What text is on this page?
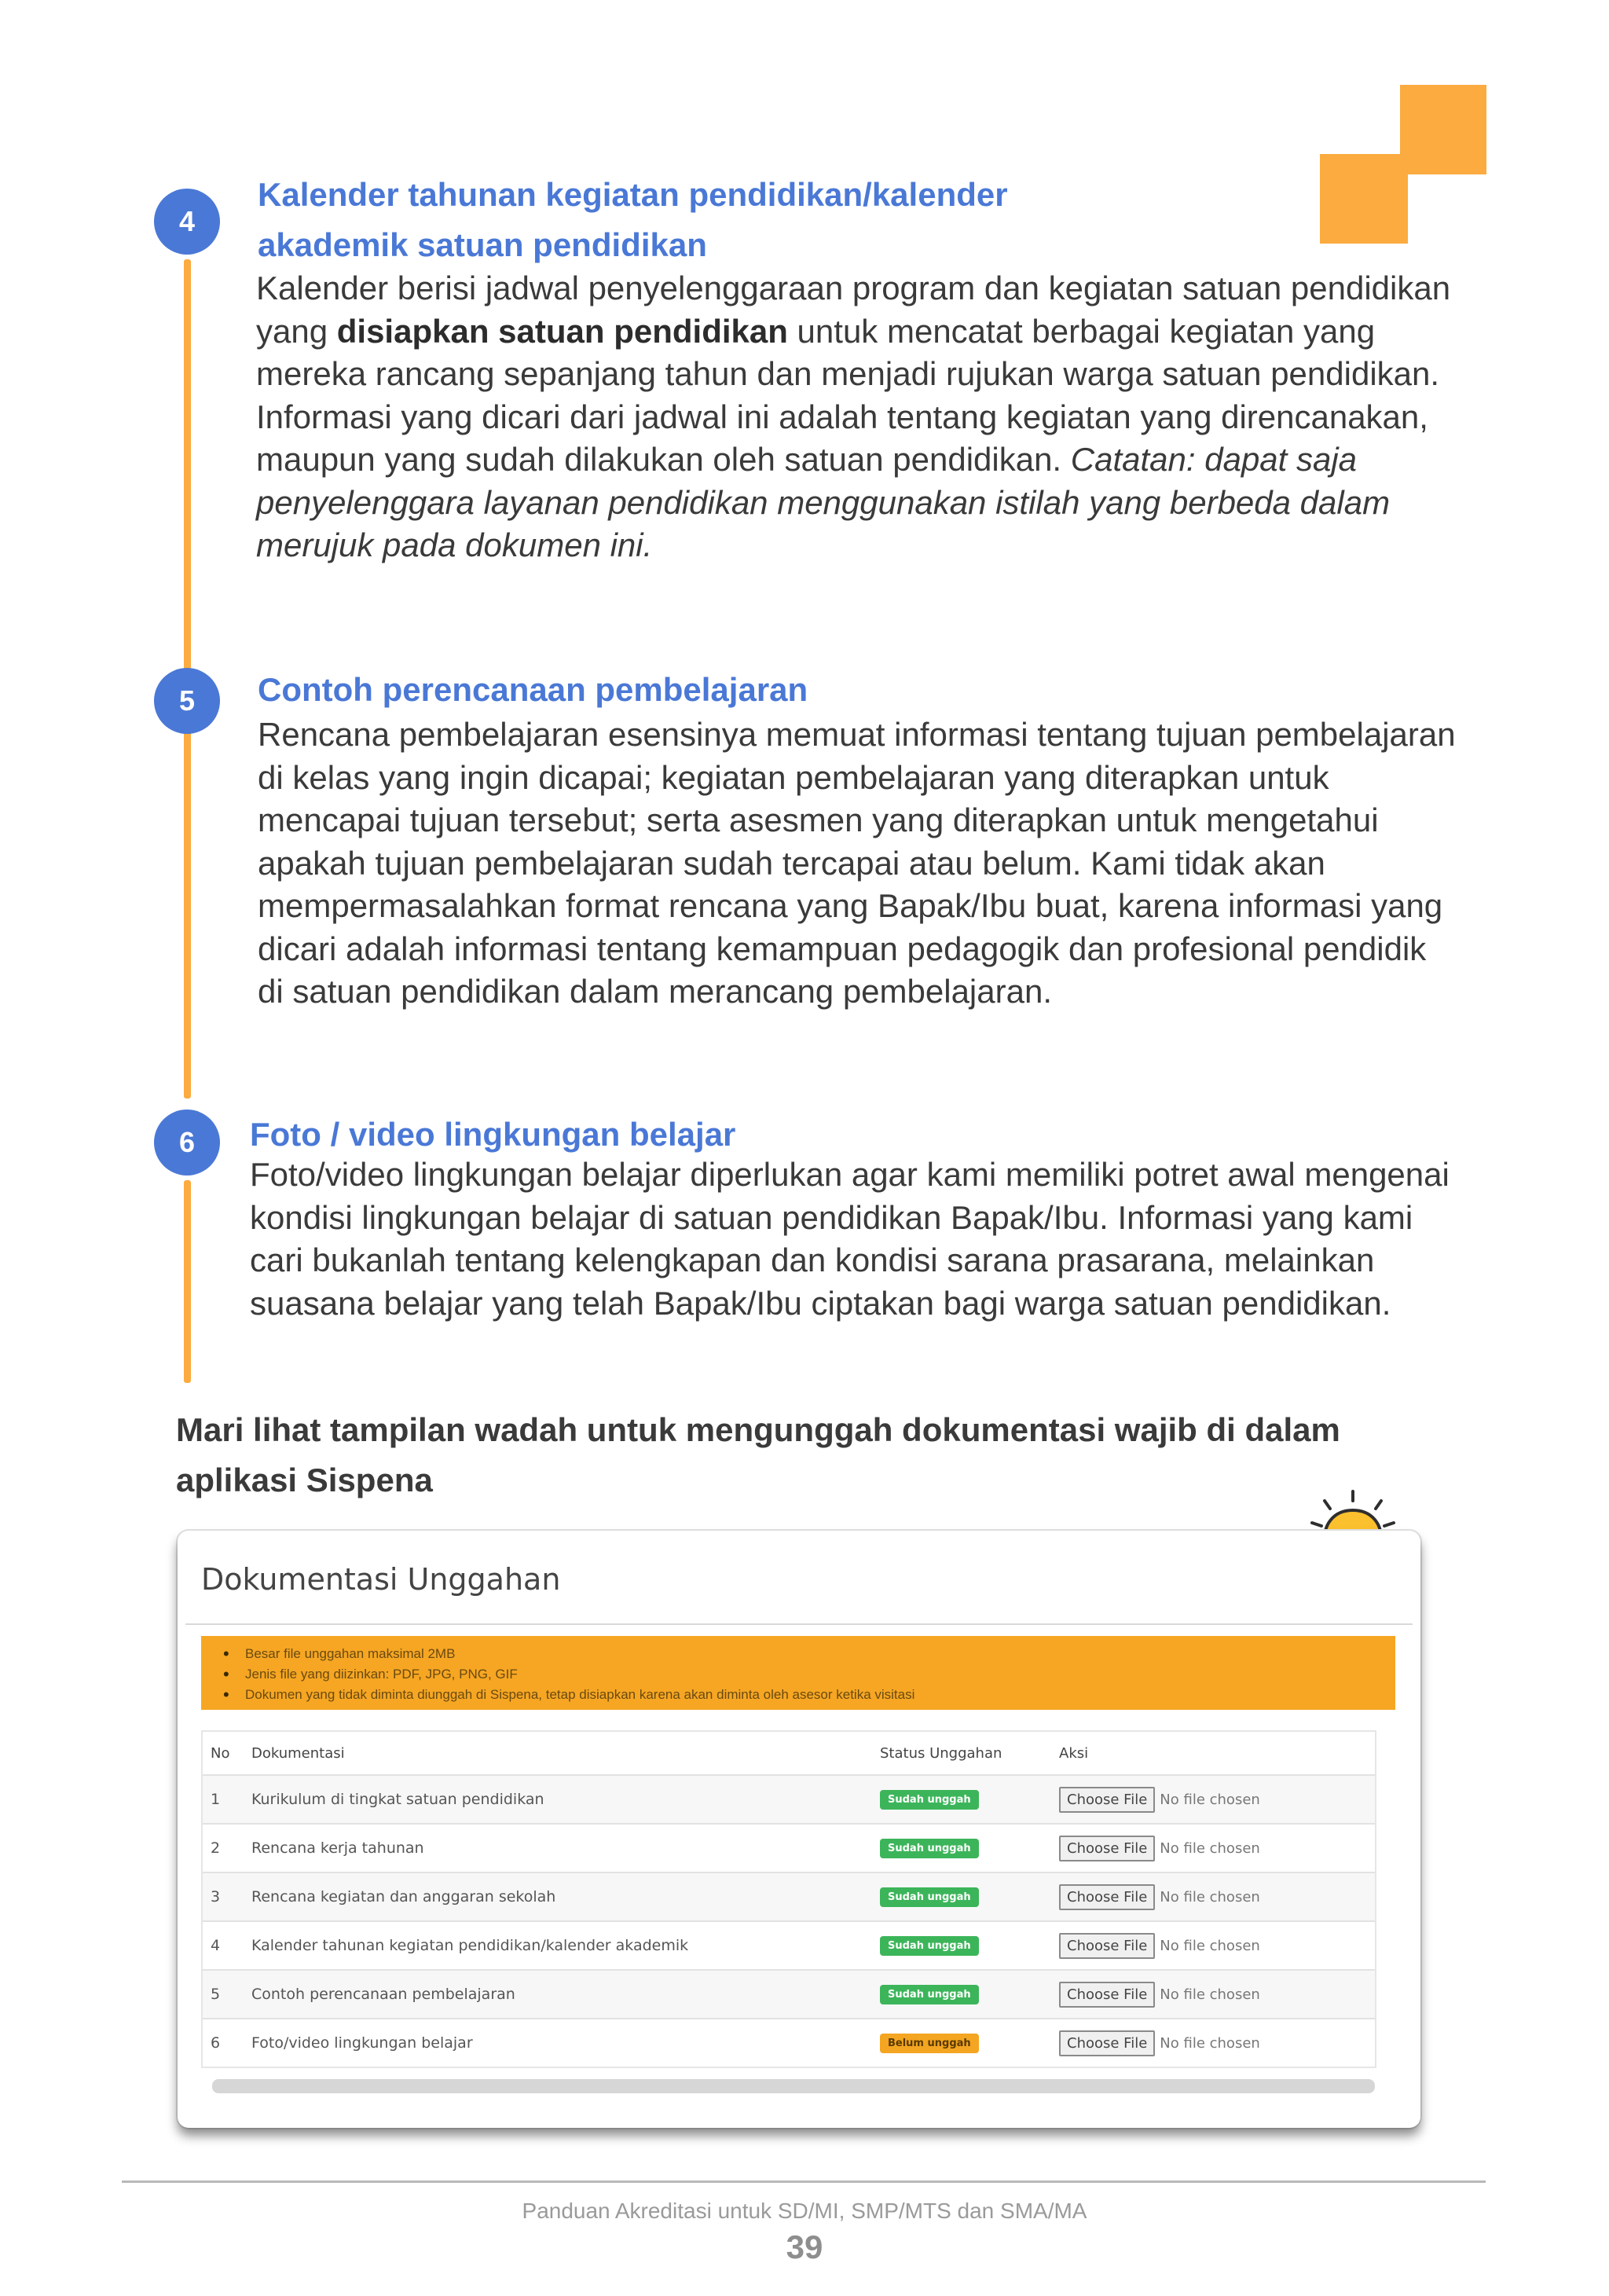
4
Kalender tahunan kegiatan pendidikan/kalender
akademik satuan pendidikan
Kalender berisi jadwal penyelenggaraan program dan kegiatan satuan pendidikan yang disiapkan satuan pendidikan untuk mencatat berbagai kegiatan yang mereka rancang sepanjang tahun dan menjadi rujukan warga satuan pendidikan. Informasi yang dicari dari jadwal ini adalah tentang kegiatan yang direncanakan, maupun yang sudah dilakukan oleh satuan pendidikan. Catatan: dapat saja penyelenggara layanan pendidikan menggunakan istilah yang berbeda dalam merujuk pada dokumen ini.
5	Contoh perencanaan pembelajaran
Rencana pembelajaran esensinya memuat informasi tentang tujuan pembelajaran di kelas yang ingin dicapai; kegiatan pembelajaran yang diterapkan untuk mencapai tujuan tersebut; serta asesmen yang diterapkan untuk mengetahui apakah tujuan pembelajaran sudah tercapai atau belum. Kami tidak akan mempermasalahkan format rencana yang Bapak/Ibu buat, karena informasi yang dicari adalah informasi tentang kemampuan pedagogik dan profesional pendidik di satuan pendidikan dalam merancang pembelajaran.
6	Foto / video lingkungan belajar
Foto/video lingkungan belajar diperlukan agar kami memiliki potret awal mengenai kondisi lingkungan belajar di satuan pendidikan Bapak/Ibu. Informasi yang kami cari bukanlah tentang kelengkapan dan kondisi sarana prasarana, melainkan suasana belajar yang telah Bapak/Ibu ciptakan bagi warga satuan pendidikan.
Mari lihat tampilan wadah untuk mengunggah dokumentasi wajib di dalam aplikasi Sispena
Dokumentasi Unggahan
• Besar file unggahan maksimal 2MB
• Jenis file yang diizinkan: PDF, JPG, PNG, GIF
• Dokumen yang tidak diminta diunggah di Sispena, tetap disiapkan karena akan diminta oleh asesor ketika visitasi
No	Dokumentasi	Status Unggahan	Aksi
1	Kurikulum di tingkat satuan pendidikan	Sudah unggah	Choose File No file chosen
2	Rencana kerja tahunan	Sudah unggah	Choose File No file chosen
3	Rencana kegiatan dan anggaran sekolah	Sudah unggah	Choose File No file chosen
4	Kalender tahunan kegiatan pendidikan/kalender akademik	Sudah unggah	Choose File No file chosen
5	Contoh perencanaan pembelajaran	Sudah unggah	Choose File No file chosen
6	Foto/video lingkungan belajar	Belum unggah	Choose File No file chosen
Panduan Akreditasi untuk SD/MI, SMP/MTS dan SMA/MA
39
